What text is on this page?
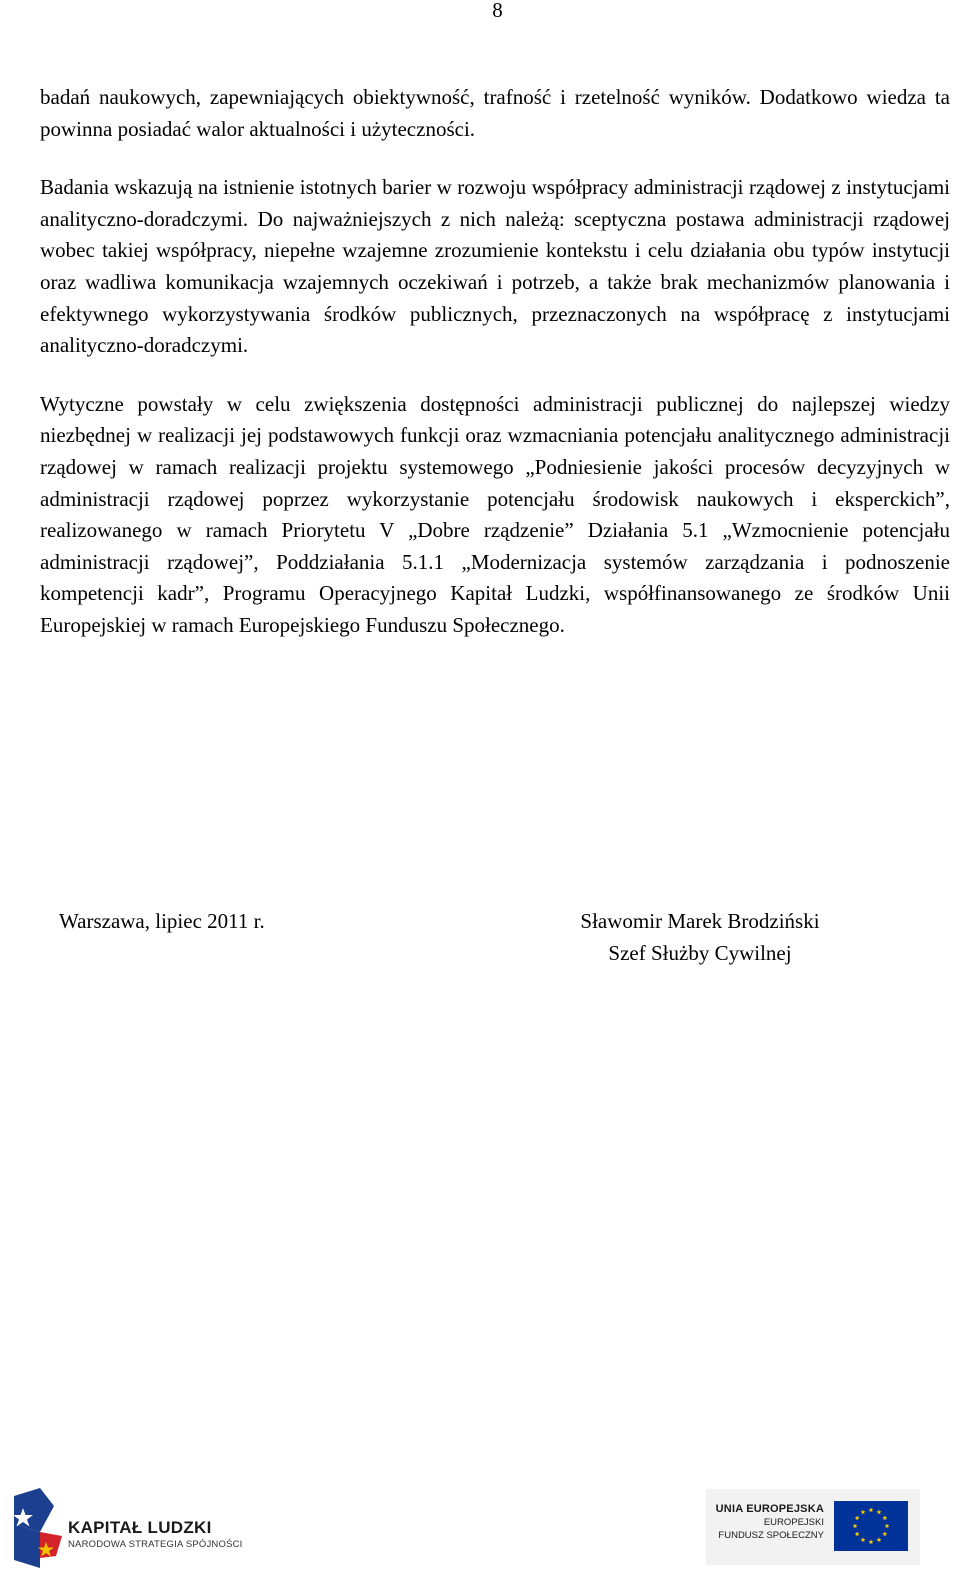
8

badań naukowych, zapewniających obiektywność, trafność i rzetelność wyników. Dodatkowo wiedza ta powinna posiadać walor aktualności i użyteczności.

Badania wskazują na istnienie istotnych barier w rozwoju współpracy administracji rządowej z instytucjami analityczno-doradczymi. Do najważniejszych z nich należą: sceptyczna postawa administracji rządowej wobec takiej współpracy, niepełne wzajemne zrozumienie kontekstu i celu działania obu typów instytucji oraz wadliwa komunikacja wzajemnych oczekiwań i potrzeb, a także brak mechanizmów planowania i efektywnego wykorzystywania środków publicznych, przeznaczonych na współpracę z instytucjami analityczno-doradczymi.

Wytyczne powstały w celu zwiększenia dostępności administracji publicznej do najlepszej wiedzy niezbędnej w realizacji jej podstawowych funkcji oraz wzmacniania potencjału analitycznego administracji rządowej w ramach realizacji projektu systemowego „Podniesienie jakości procesów decyzyjnych w administracji rządowej poprzez wykorzystanie potencjału środowisk naukowych i eksperckich”, realizowanego w ramach Priorytetu V „Dobre rządzenie” Działania 5.1 „Wzmocnienie potencjału administracji rządowej”, Poddziałania 5.1.1 „Modernizacja systemów zarządzania i podnoszenie kompetencji kadr”, Programu Operacyjnego Kapitał Ludzki, współfinansowanego ze środków Unii Europejskiej w ramach Europejskiego Funduszu Społecznego.

Warszawa, lipiec 2011 r.	Sławomir Marek Brodziński
Szef Służby Cywilnej
KAPITAŁ LUDZKI
NARODOWA STRATEGIA SPÓJNOŚCI
UNIA EUROPEJSKA
EUROPEJSKI
FUNDUSZ SPOŁECZNY
